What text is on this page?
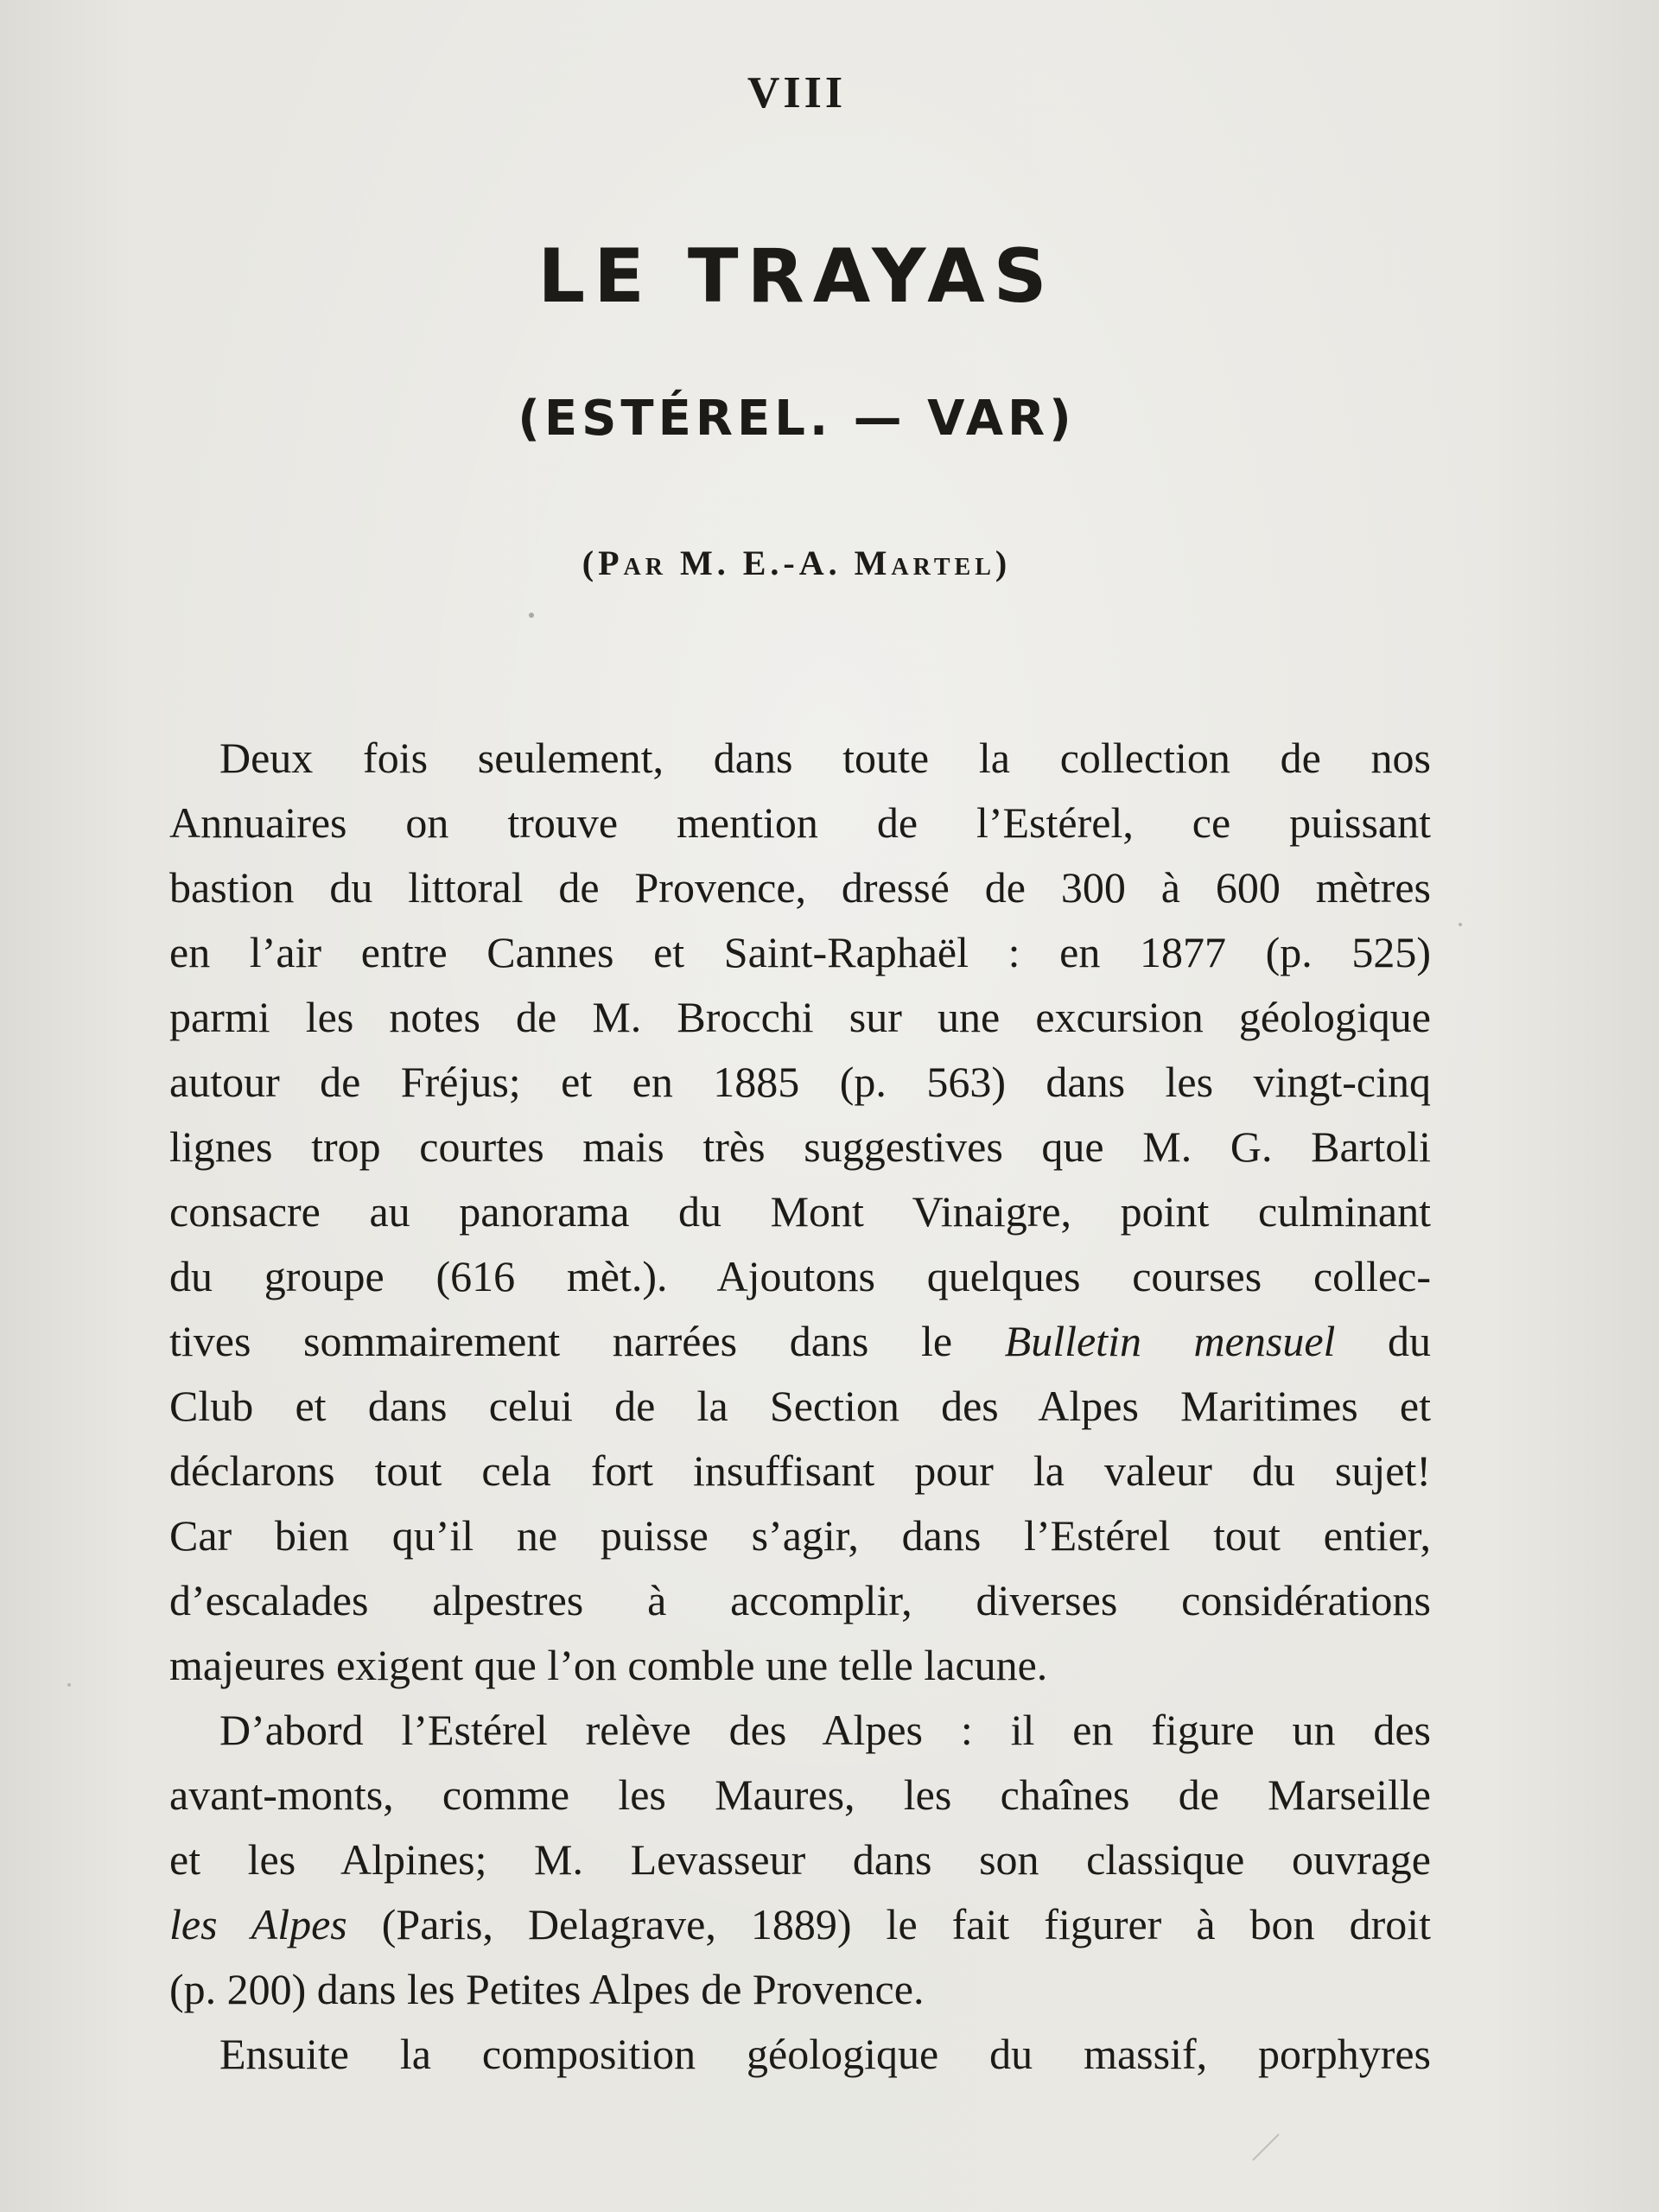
VIII
LE TRAYAS
(ESTÉREL. — VAR)
(Par M. E.-A. Martel)
Deux fois seulement, dans toute la collection de nos
Annuaires on trouve mention de l’Estérel, ce puissant
bastion du littoral de Provence, dressé de 300 à 600 mètres
en l’air entre Cannes et Saint-Raphaël : en 1877 (p. 525)
parmi les notes de M. Brocchi sur une excursion géologique
autour de Fréjus; et en 1885 (p. 563) dans les vingt-cinq
lignes trop courtes mais très suggestives que M. G. Bartoli
consacre au panorama du Mont Vinaigre, point culminant
du groupe (616 mèt.). Ajoutons quelques courses collec-
tives sommairement narrées dans le Bulletin mensuel du
Club et dans celui de la Section des Alpes Maritimes et
déclarons tout cela fort insuffisant pour la valeur du sujet!
Car bien qu’il ne puisse s’agir, dans l’Estérel tout entier,
d’escalades alpestres à accomplir, diverses considérations
majeures exigent que l’on comble une telle lacune.
D’abord l’Estérel relève des Alpes : il en figure un des
avant-monts, comme les Maures, les chaînes de Marseille
et les Alpines; M. Levasseur dans son classique ouvrage
les Alpes (Paris, Delagrave, 1889) le fait figurer à bon droit
(p. 200) dans les Petites Alpes de Provence.
Ensuite la composition géologique du massif, porphyres
